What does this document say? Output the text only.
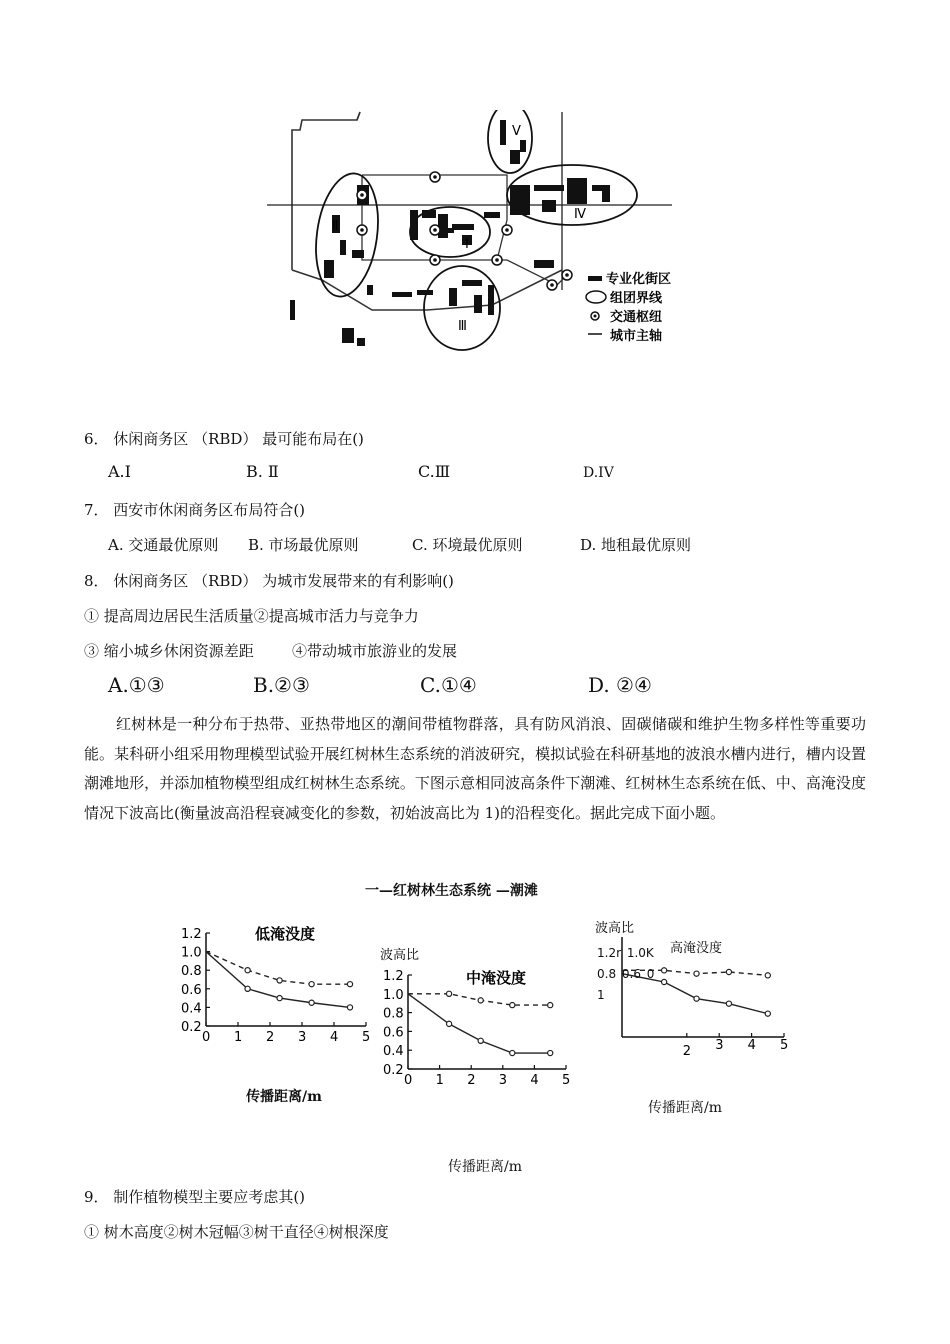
Ⅰ
Ⅱ
Ⅲ
Ⅳ
Ⅴ
专业化街区
组团界线
交通枢纽
城市主轴
6． 休闲商务区 （RBD） 最可能布局在()
A.I	B. Ⅱ	C.Ⅲ	D.IV
7． 西安市休闲商务区布局符合()
A. 交通最优原则 B. 市场最优原则	C. 环境最优原则	D. 地租最优原则
8． 休闲商务区 （RBD） 为城市发展带来的有利影响()
① 提高周边居民生活质量②提高城市活力与竞争力
③ 缩小城乡休闲资源差距	④带动城市旅游业的发展
A.①③	B.②③	C.①④	D. ②④
红树林是一种分布于热带、亚热带地区的潮间带植物群落，具有防风消浪、固碳储碳和维护生物多样性等重要功能。某科研小组采用物理模型试验开展红树林生态系统的消波研究，模拟试验在科研基地的波浪水槽内进行，槽内设置潮滩地形，并添加植物模型组成红树林生态系统。下图示意相同波高条件下潮滩、红树林生态系统在低、中、高淹没度情况下波高比(衡量波高沿程衰减变化的参数，初始波高比为 1)的沿程变化。据此完成下面小题。
一—红树林生态系统 —潮滩
低淹没度
0 1 2 3 4 5
0.2
0.4
0.6
0.8
1.0
1.2
传播距离/m
波高比
中淹没度
0 1 2 3 4 5
0.2
0.4
0.6
0.8
1.0
1.2
波高比
高淹没度
2 3 4 5
1.2r 1.0K 0.8 0.6 0 1
传播距离/m
传播距离/m
9． 制作植物模型主要应考虑其()
① 树木高度②树木冠幅③树干直径④树根深度
